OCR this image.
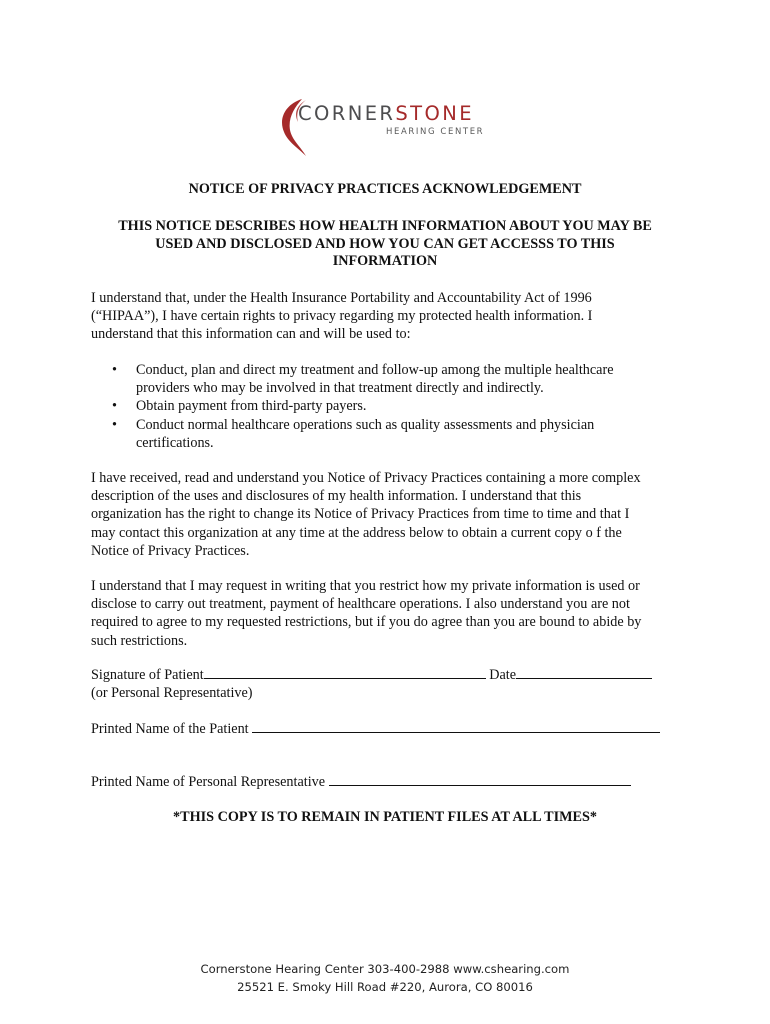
CORNERSTONE
HEARING CENTER
NOTICE OF PRIVACY PRACTICES ACKNOWLEDGEMENT
THIS NOTICE DESCRIBES HOW HEALTH INFORMATION ABOUT YOU MAY BE
USED AND DISCLOSED AND HOW YOU CAN GET ACCESSS TO THIS
INFORMATION

I understand that, under the Health Insurance Portability and Accountability Act of 1996
(“HIPAA”), I have certain rights to privacy regarding my protected health information. I
understand that this information can and will be used to:

• Conduct, plan and direct my treatment and follow-up among the multiple healthcare
providers who may be involved in that treatment directly and indirectly.
• Obtain payment from third-party payers.
• Conduct normal healthcare operations such as quality assessments and physician
certifications.

I have received, read and understand you Notice of Privacy Practices containing a more complex
description of the uses and disclosures of my health information. I understand that this
organization has the right to change its Notice of Privacy Practices from time to time and that I
may contact this organization at any time at the address below to obtain a current copy o f the
Notice of Privacy Practices.

I understand that I may request in writing that you restrict how my private information is used or
disclose to carry out treatment, payment of healthcare operations. I also understand you are not
required to agree to my requested restrictions, but if you do agree than you are bound to abide by
such restrictions.

Signature of Patient	Date
(or Personal Representative)
Printed Name of the Patient
Printed Name of Personal Representative
*THIS COPY IS TO REMAIN IN PATIENT FILES AT ALL TIMES*
Cornerstone Hearing Center 303-400-2988 www.cshearing.com
25521 E. Smoky Hill Road #220, Aurora, CO 80016
